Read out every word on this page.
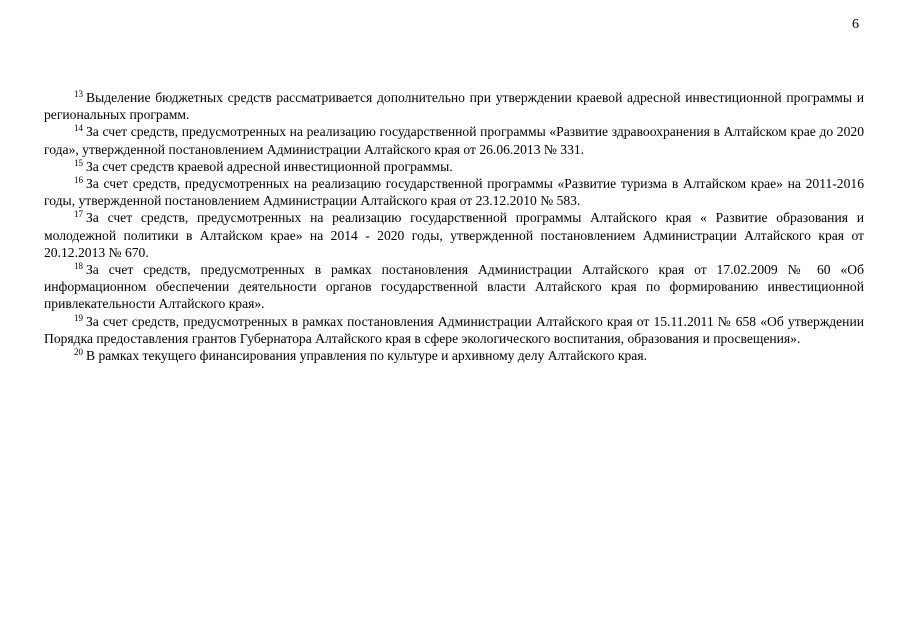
6

$^{13}$ Выделение бюджетных средств рассматривается дополнительно при утверждении краевой адресной инвестиционной программы и региональных программ.

$^{14}$ За счет средств, предусмотренных на реализацию государственной программы «Развитие здравоохранения в Алтайском крае до 2020 года», утвержденной постановлением Администрации Алтайского края от 26.06.2013 № 331.

$^{15}$ За счет средств краевой адресной инвестиционной программы.

$^{16}$ За счет средств, предусмотренных на реализацию государственной программы «Развитие туризма в Алтайском крае» на 2011-2016 годы, утвержденной постановлением Администрации Алтайского края от 23.12.2010 № 583.

$^{17}$ За счет средств, предусмотренных на реализацию государственной программы Алтайского края « Развитие образования и молодежной политики в Алтайском крае» на 2014 - 2020 годы, утвержденной постановлением Администрации Алтайского края от 20.12.2013 № 670.

$^{18}$ За счет средств, предусмотренных в рамках постановления Администрации Алтайского края от 17.02.2009 № 60 «Об информационном обеспечении деятельности органов государственной власти Алтайского края по формированию инвестиционной привлекательности Алтайского края».

$^{19}$ За счет средств, предусмотренных в рамках постановления Администрации Алтайского края от 15.11.2011 № 658 «Об утверждении Порядка предоставления грантов Губернатора Алтайского края в сфере экологического воспитания, образования и просвещения».

$^{20}$ В рамках текущего финансирования управления по культуре и архивному делу Алтайского края.
